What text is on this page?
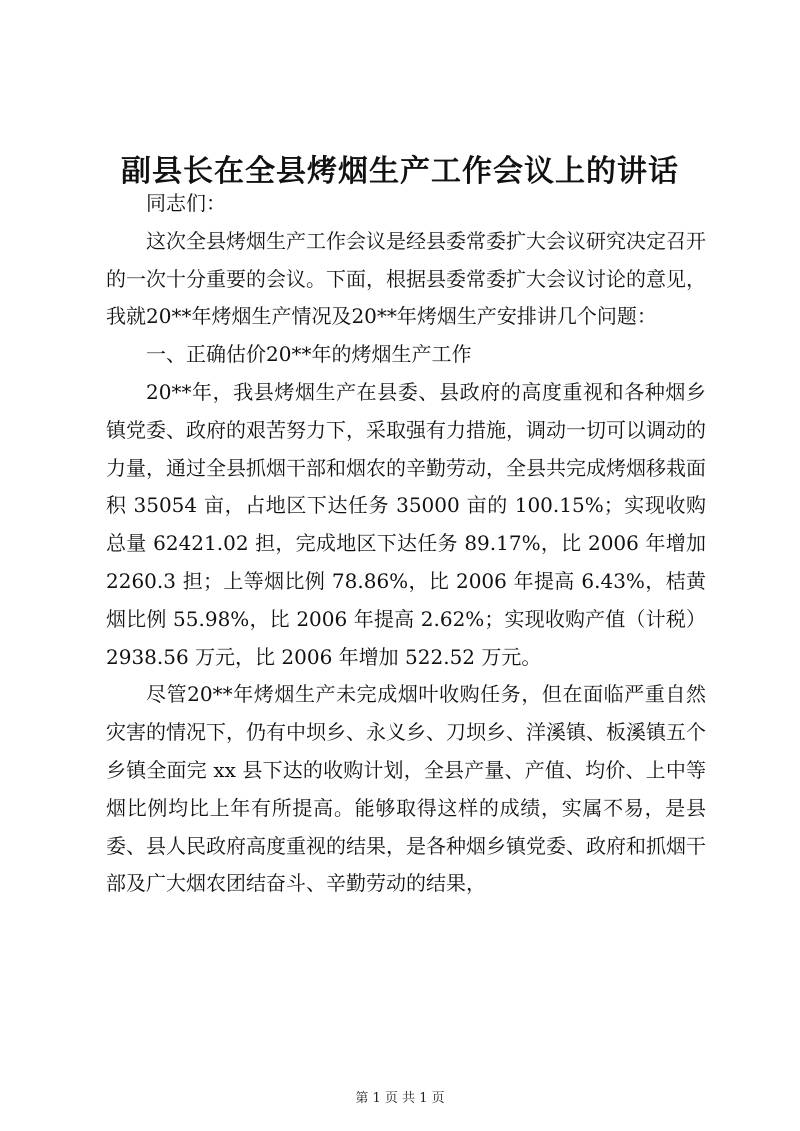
副县长在全县烤烟生产工作会议上的讲话

同志们：

这次全县烤烟生产工作会议是经县委常委扩大会议研究决定召开的一次十分重要的会议。下面，根据县委常委扩大会议讨论的意见，我就20**年烤烟生产情况及20**年烤烟生产安排讲几个问题：

一、正确估价20**年的烤烟生产工作

20**年，我县烤烟生产在县委、县政府的高度重视和各种烟乡镇党委、政府的艰苦努力下，采取强有力措施，调动一切可以调动的力量，通过全县抓烟干部和烟农的辛勤劳动，全县共完成烤烟移栽面积 35054 亩，占地区下达任务 35000 亩的 100.15%；实现收购总量 62421.02 担，完成地区下达任务 89.17%，比 2006 年增加 2260.3 担；上等烟比例 78.86%，比 2006 年提高 6.43%，桔黄烟比例 55.98%，比 2006 年提高 2.62%；实现收购产值（计税）2938.56 万元，比 2006 年增加 522.52 万元。

尽管20**年烤烟生产未完成烟叶收购任务，但在面临严重自然灾害的情况下，仍有中坝乡、永义乡、刀坝乡、洋溪镇、板溪镇五个乡镇全面完 xx 县下达的收购计划，全县产量、产值、均价、上中等烟比例均比上年有所提高。能够取得这样的成绩，实属不易，是县委、县人民政府高度重视的结果，是各种烟乡镇党委、政府和抓烟干部及广大烟农团结奋斗、辛勤劳动的结果，

第 1 页 共 1 页
